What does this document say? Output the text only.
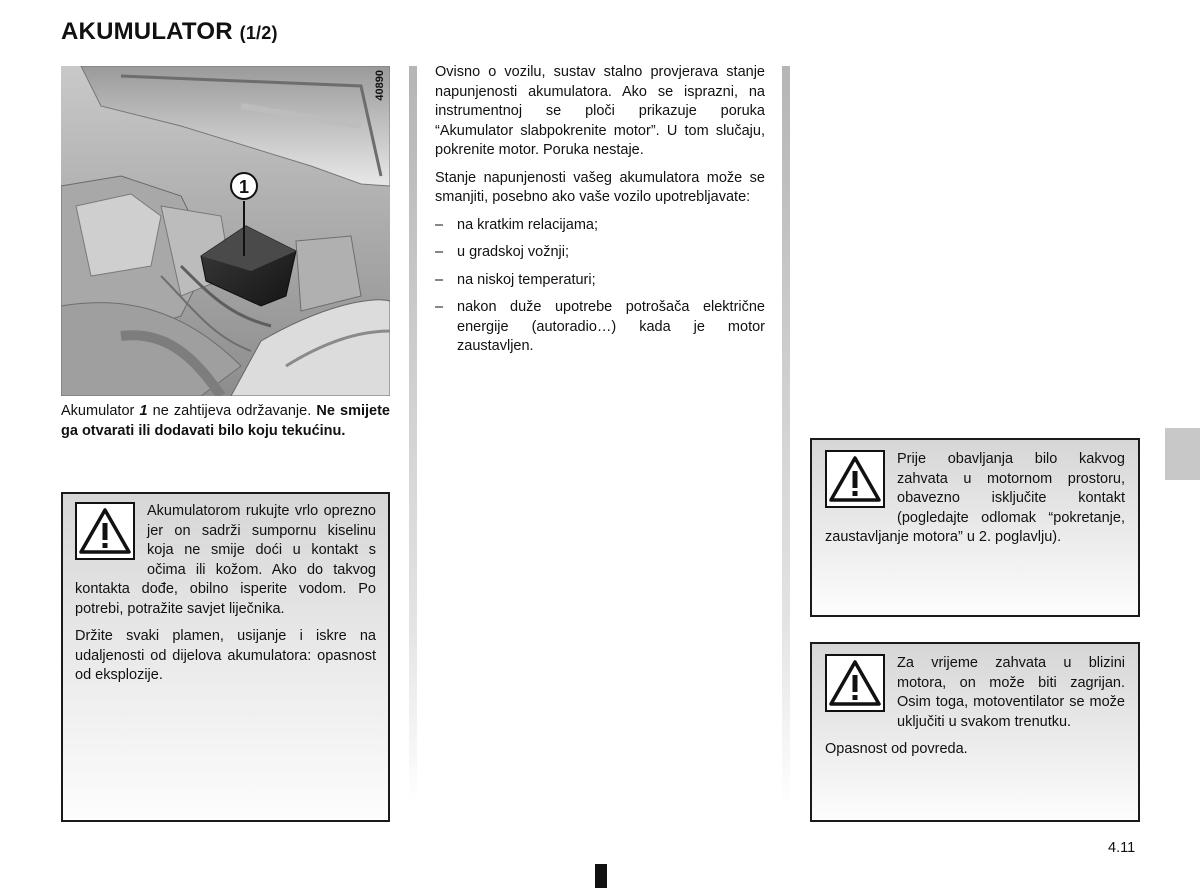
AKUMULATOR (1/2)
1
40890
Akumulator 1 ne zahtijeva održavanje. Ne smijete ga otvarati ili dodavati bilo koju tekućinu.

Akumulatorom rukujte vrlo oprezno jer on sadrži sumpornu kiselinu koja ne smije doći u kontakt s očima ili kožom. Ako do takvog kontakta dođe, obilno isperite vodom. Po potrebi, potražite savjet liječnika.

Držite svaki plamen, usijanje i iskre na udaljenosti od dijelova akumulatora: opasnost od eksplozije.

Ovisno o vozilu, sustav stalno provjerava stanje napunjenosti akumulatora. Ako se isprazni, na instrumentnoj se ploči prikazuje poruka “Akumulator slabpokrenite motor”. U tom slučaju, pokrenite motor. Poruka nestaje.

Stanje napunjenosti vašeg akumulatora može se smanjiti, posebno ako vaše vozilo upotrebljavate:

– na kratkim relacijama;
– u gradskoj vožnji;
– na niskoj temperaturi;
– nakon duže upotrebe potrošača električne energije (autoradio…) kada je motor zaustavljen.

Prije obavljanja bilo kakvog zahvata u motornom prostoru, obavezno isključite kontakt (pogledajte odlomak “pokretanje, zaustavljanje motora” u 2. poglavlju).

Za vrijeme zahvata u blizini motora, on može biti zagrijan. Osim toga, motoventilator se može uključiti u svakom trenutku.

Opasnost od povreda.

4.11
